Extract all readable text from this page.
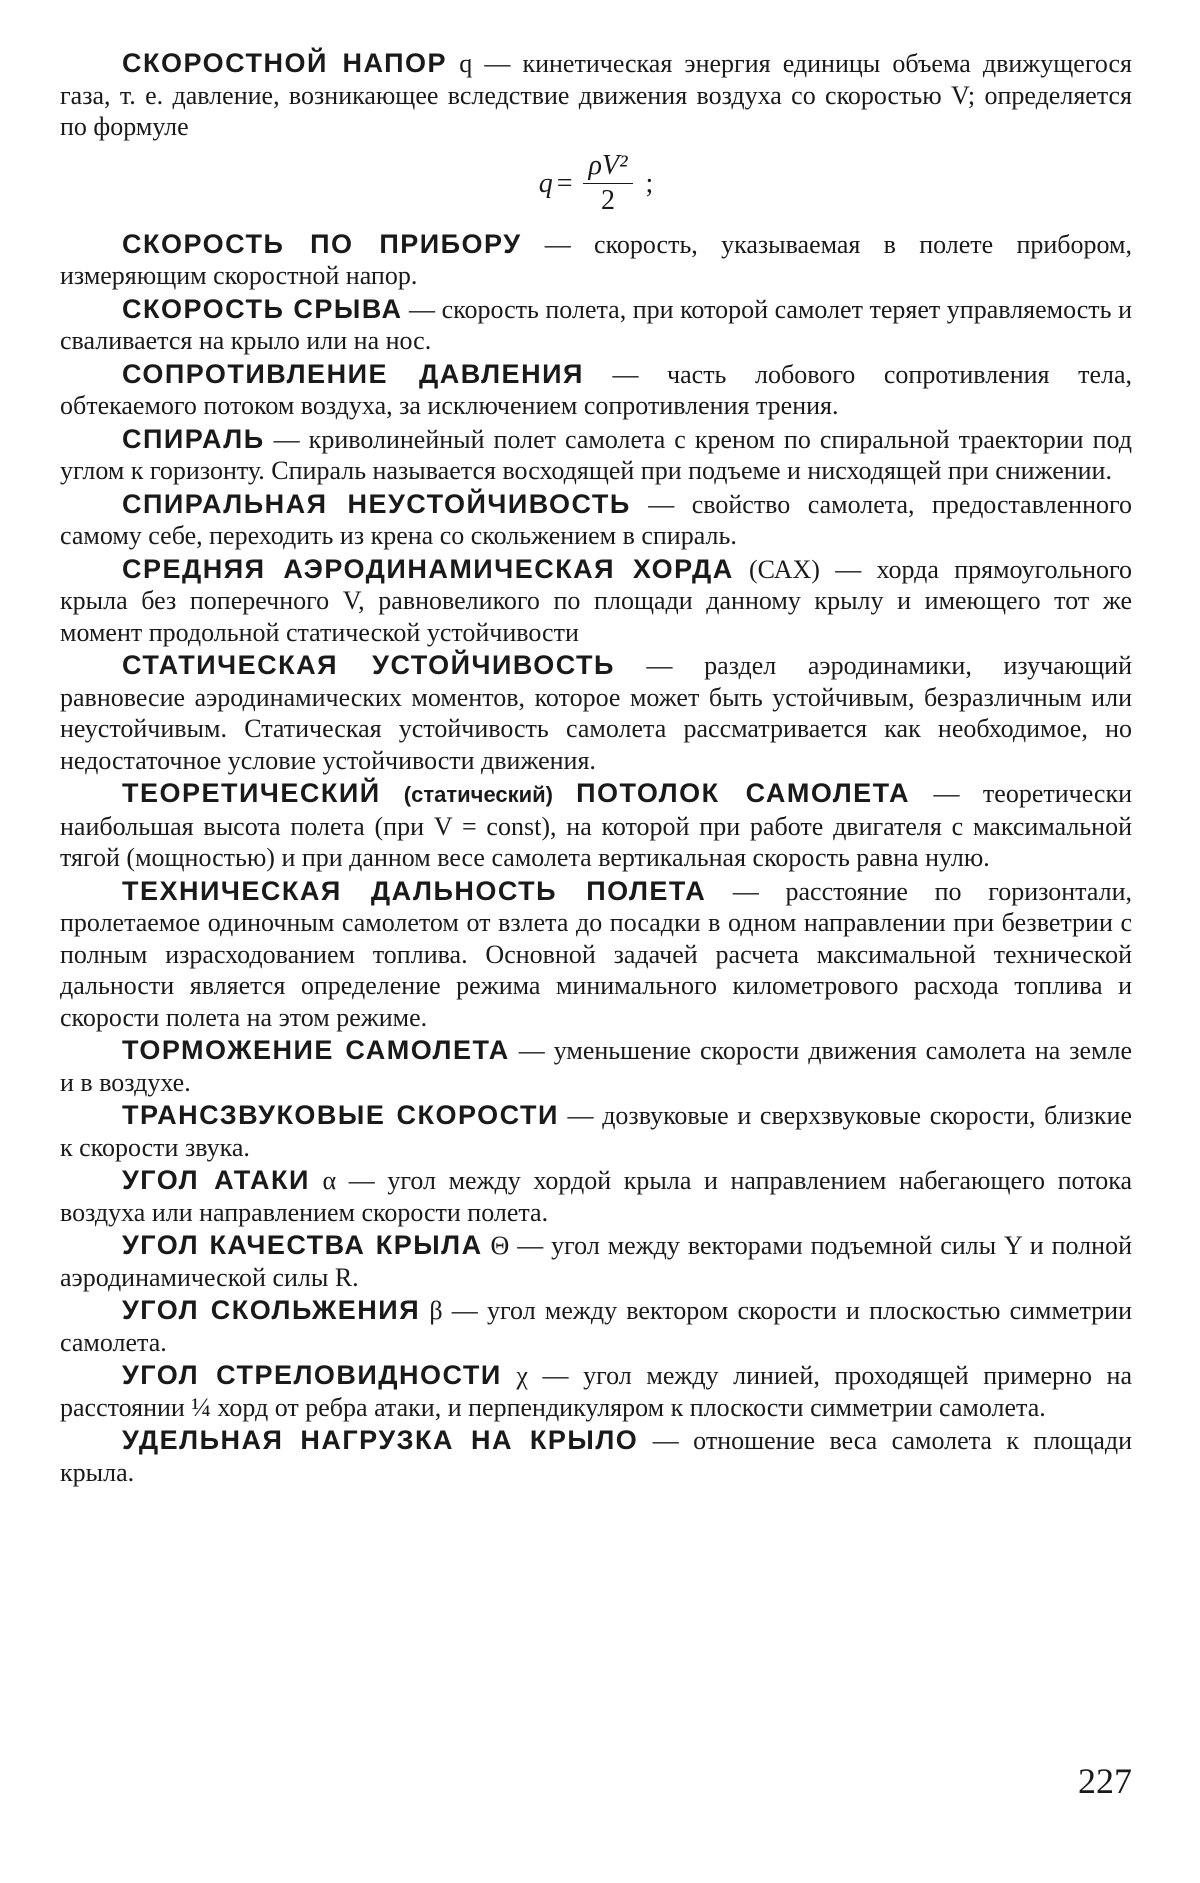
СКОРОСТНОЙ НАПОР q — кинетическая энергия единицы объема движущегося газа, т. е. давление, возникающее вследствие движения воздуха со скоростью V; определяется по формуле

$q = \frac{\text{ρV²}}{2}$ ;

СКОРОСТЬ ПО ПРИБОРУ — скорость, указываемая в полете прибором, измеряющим скоростной напор.

СКОРОСТЬ СРЫВА — скорость полета, при которой самолет теряет управляемость и сваливается на крыло или на нос.

СОПРОТИВЛЕНИЕ ДАВЛЕНИЯ — часть лобового сопротивления тела, обтекаемого потоком воздуха, за исключением сопротивления трения.

СПИРАЛЬ — криволинейный полет самолета с креном по спиральной траектории под углом к горизонту. Спираль называется восходящей при подъеме и нисходящей при снижении.

СПИРАЛЬНАЯ НЕУСТОЙЧИВОСТЬ — свойство самолета, предоставленного самому себе, переходить из крена со скольжением в спираль.

СРЕДНЯЯ АЭРОДИНАМИЧЕСКАЯ ХОРДА (САХ) — хорда прямоугольного крыла без поперечного V, равновеликого по площади данному крылу и имеющего тот же момент продольной статической устойчивости

СТАТИЧЕСКАЯ УСТОЙЧИВОСТЬ — раздел аэродинамики, изучающий равновесие аэродинамических моментов, которое может быть устойчивым, безразличным или неустойчивым. Статическая устойчивость самолета рассматривается как необходимое, но недостаточное условие устойчивости движения.

ТЕОРЕТИЧЕСКИЙ (статический) ПОТОЛОК САМОЛЕТА — теоретически наибольшая высота полета (при V = const), на которой при работе двигателя с максимальной тягой (мощностью) и при данном весе самолета вертикальная скорость равна нулю.

ТЕХНИЧЕСКАЯ ДАЛЬНОСТЬ ПОЛЕТА — расстояние по горизонтали, пролетаемое одиночным самолетом от взлета до посадки в одном направлении при безветрии с полным израсходованием топлива. Основной задачей расчета максимальной технической дальности является определение режима минимального километрового расхода топлива и скорости полета на этом режиме.

ТОРМОЖЕНИЕ САМОЛЕТА — уменьшение скорости движения самолета на земле и в воздухе.

ТРАНСЗВУКОВЫЕ СКОРОСТИ — дозвуковые и сверхзвуковые скорости, близкие к скорости звука.

УГОЛ АТАКИ α — угол между хордой крыла и направлением набегающего потока воздуха или направлением скорости полета.

УГОЛ КАЧЕСТВА КРЫЛА Θ — угол между векторами подъемной силы Y и полной аэродинамической силы R.

УГОЛ СКОЛЬЖЕНИЯ β — угол между вектором скорости и плоскостью симметрии самолета.

УГОЛ СТРЕЛОВИДНОСТИ χ — угол между линией, проходящей примерно на расстоянии ¼ хорд от ребра атаки, и перпендикуляром к плоскости симметрии самолета.

УДЕЛЬНАЯ НАГРУЗКА НА КРЫЛО — отношение веса самолета к площади крыла.

227
